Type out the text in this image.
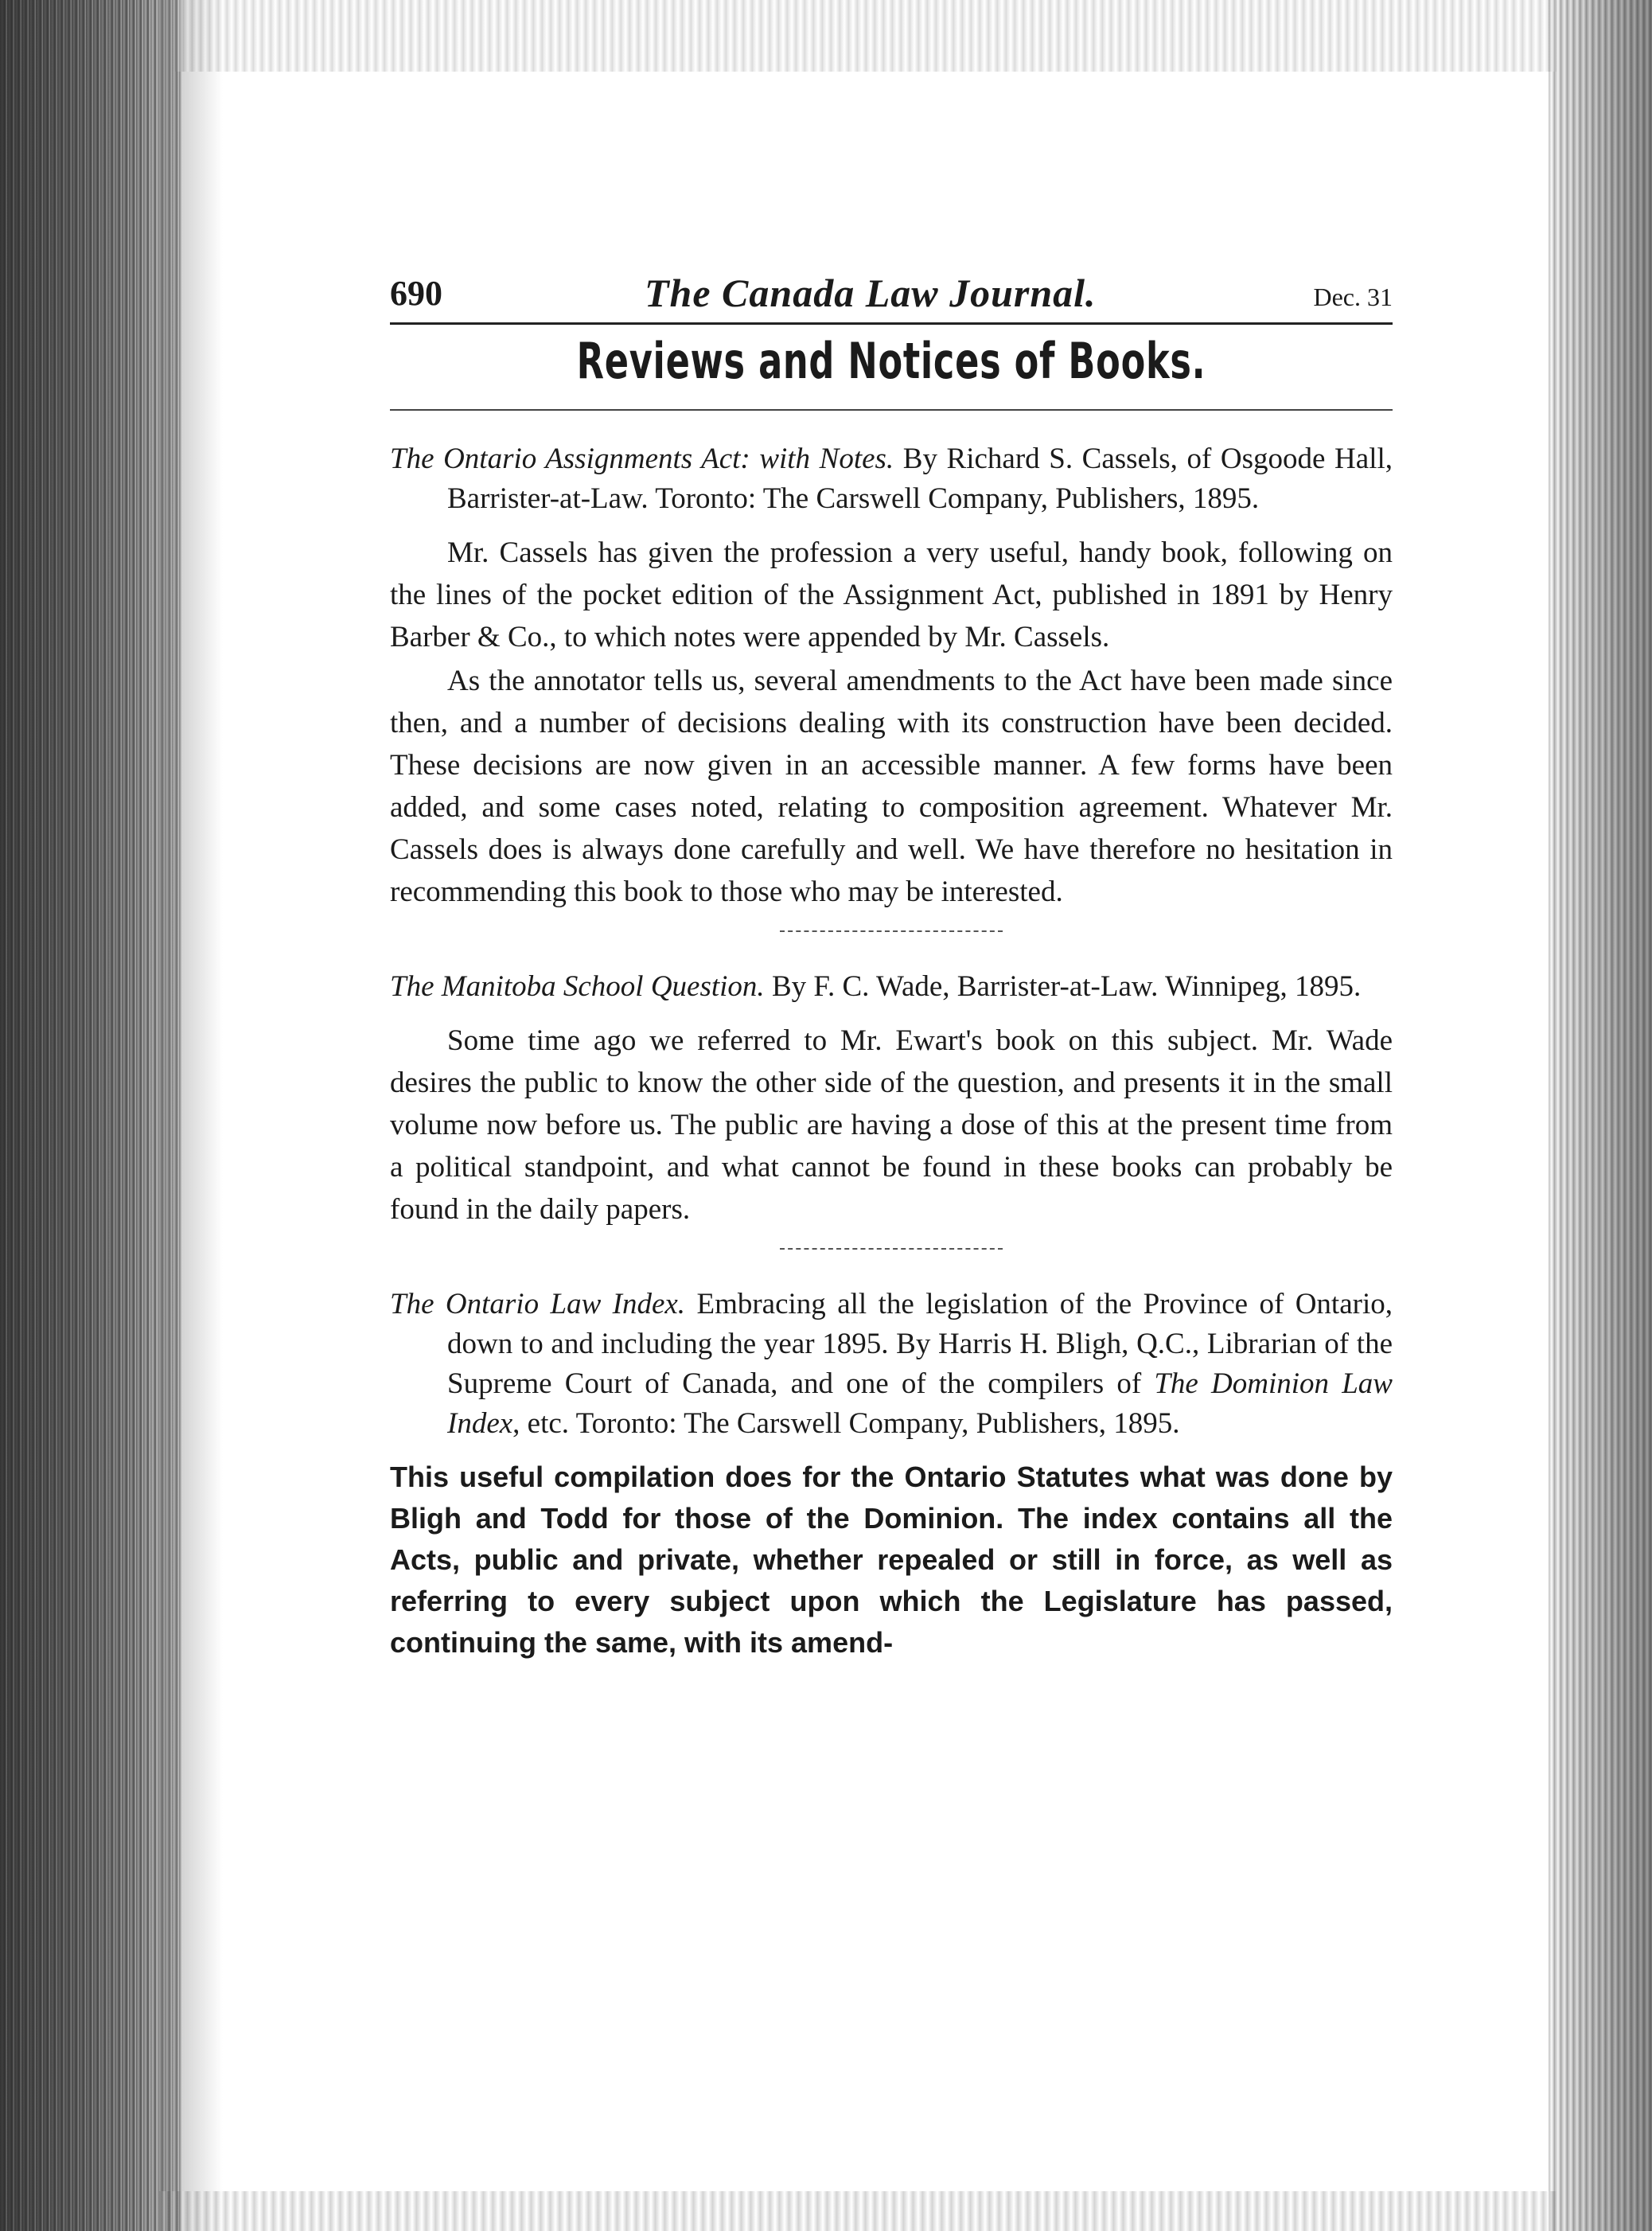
690	The Canada Law Journal.	Dec. 31
Reviews and Notices of Books.
The Ontario Assignments Act: with Notes. By Richard S. Cassels, of Osgoode Hall, Barrister-at-Law. Toronto: The Carswell Company, Publishers, 1895.

Mr. Cassels has given the profession a very useful, handy book, following on the lines of the pocket edition of the Assignment Act, published in 1891 by Henry Barber & Co., to which notes were appended by Mr. Cassels.

As the annotator tells us, several amendments to the Act have been made since then, and a number of decisions dealing with its construction have been decided. These decisions are now given in an accessible manner. A few forms have been added, and some cases noted, relating to composition agreement. Whatever Mr. Cassels does is always done carefully and well. We have therefore no hesitation in recommending this book to those who may be interested.

The Manitoba School Question. By F. C. Wade, Barrister-at-Law. Winnipeg, 1895.

Some time ago we referred to Mr. Ewart's book on this subject. Mr. Wade desires the public to know the other side of the question, and presents it in the small volume now before us. The public are having a dose of this at the present time from a political standpoint, and what cannot be found in these books can probably be found in the daily papers.

The Ontario Law Index. Embracing all the legislation of the Province of Ontario, down to and including the year 1895. By Harris H. Bligh, Q.C., Librarian of the Supreme Court of Canada, and one of the compilers of The Dominion Law Index, etc. Toronto: The Carswell Company, Publishers, 1895.

This useful compilation does for the Ontario Statutes what was done by Bligh and Todd for those of the Dominion. The index contains all the Acts, public and private, whether repealed or still in force, as well as referring to every subject upon which the Legislature has passed, continuing the same, with its amend-
